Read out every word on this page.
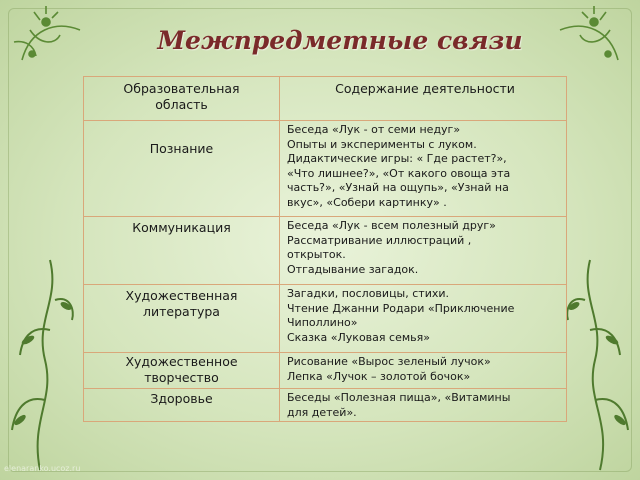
Межпредметные связи
Образовательная
область
Содержание деятельности
Познание
Беседа «Лук - от семи недуг»
Опыты и эксперименты с луком.
Дидактические игры: « Где растет?»,
«Что лишнее?», «От какого овоща эта
часть?», «Узнай на ощупь», «Узнай на
вкус», «Собери картинку» .
Коммуникация	Беседа «Лук - всем полезный друг»
Рассматривание иллюстраций ,
открыток.
Отгадывание загадок.
Художественная
литература
Загадки, пословицы, стихи.
Чтение Джанни Родари «Приключение
Чиполлино»
Сказка «Луковая семья»
Художественное
творчество
Рисование «Вырос зеленый лучок»
Лепка «Лучок – золотой бочок»
Здоровье	Беседы «Полезная пища», «Витамины
для детей».
elenaranko.ucoz.ru
